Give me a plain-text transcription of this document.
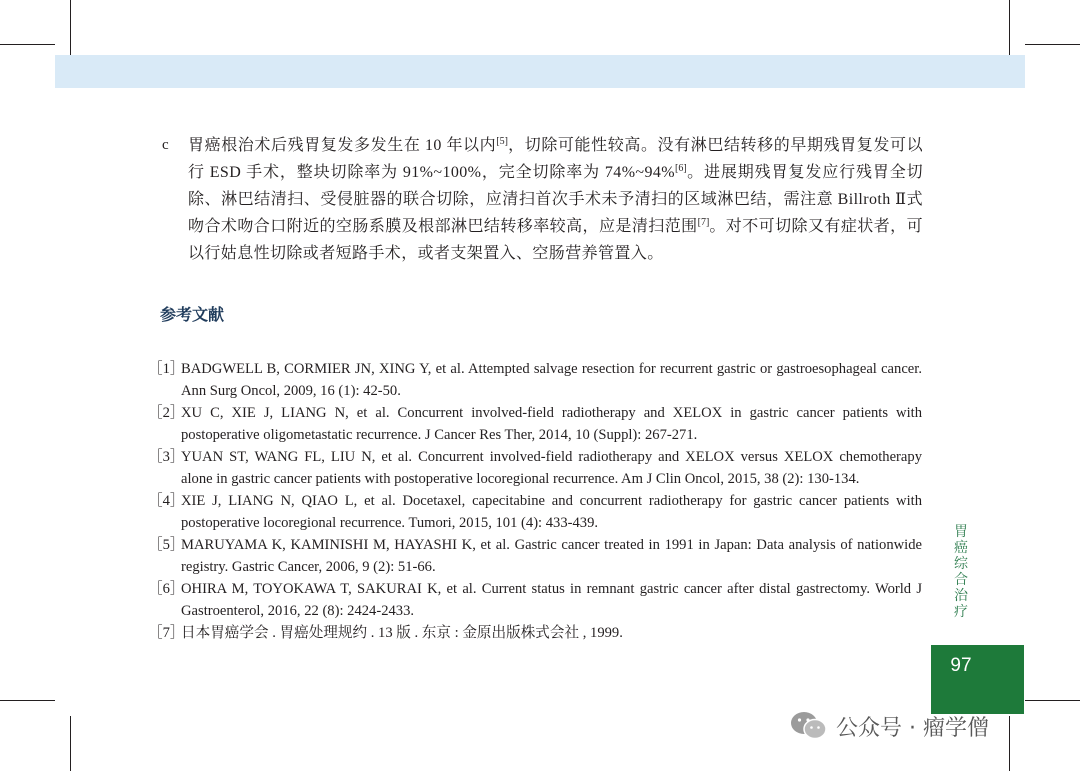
c 胃癌根治术后残胃复发多发生在 10 年以内[5]，切除可能性较高。没有淋巴结转移的早期残胃复发可以行 ESD 手术，整块切除率为 91%~100%，完全切除率为 74%~94%[6]。进展期残胃复发应行残胃全切除、淋巴结清扫、受侵脏器的联合切除，应清扫首次手术未予清扫的区域淋巴结，需注意 Billroth Ⅱ式吻合术吻合口附近的空肠系膜及根部淋巴结转移率较高，应是清扫范围[7]。对不可切除又有症状者，可以行姑息性切除或者短路手术，或者支架置入、空肠营养管置入。
参考文献
［1］
BADGWELL B, CORMIER JN, XING Y, et al. Attempted salvage resection for recurrent gastric or gastroesophageal cancer. Ann Surg Oncol, 2009, 16 (1): 42-50.
［2］
XU C, XIE J, LIANG N, et al. Concurrent involved-field radiotherapy and XELOX in gastric cancer patients with postoperative oligometastatic recurrence. J Cancer Res Ther, 2014, 10 (Suppl): 267-271.
［3］
YUAN ST, WANG FL, LIU N, et al. Concurrent involved-field radiotherapy and XELOX versus XELOX chemotherapy alone in gastric cancer patients with postoperative locoregional recurrence. Am J Clin Oncol, 2015, 38 (2): 130-134.
［4］
XIE J, LIANG N, QIAO L, et al. Docetaxel, capecitabine and concurrent radiotherapy for gastric cancer patients with postoperative locoregional recurrence. Tumori, 2015, 101 (4): 433-439.
［5］
MARUYAMA K, KAMINISHI M, HAYASHI K, et al. Gastric cancer treated in 1991 in Japan: Data analysis of nationwide registry. Gastric Cancer, 2006, 9 (2): 51-66.
［6］
OHIRA M, TOYOKAWA T, SAKURAI K, et al. Current status in remnant gastric cancer after distal gastrectomy. World J Gastroenterol, 2016, 22 (8): 2424-2433.
［7］
日本胃癌学会 . 胃癌处理规约 . 13 版 . 东京 : 金原出版株式会社 , 1999.
胃
癌
综
合
治
疗
97
公众号 · 瘤学僧
